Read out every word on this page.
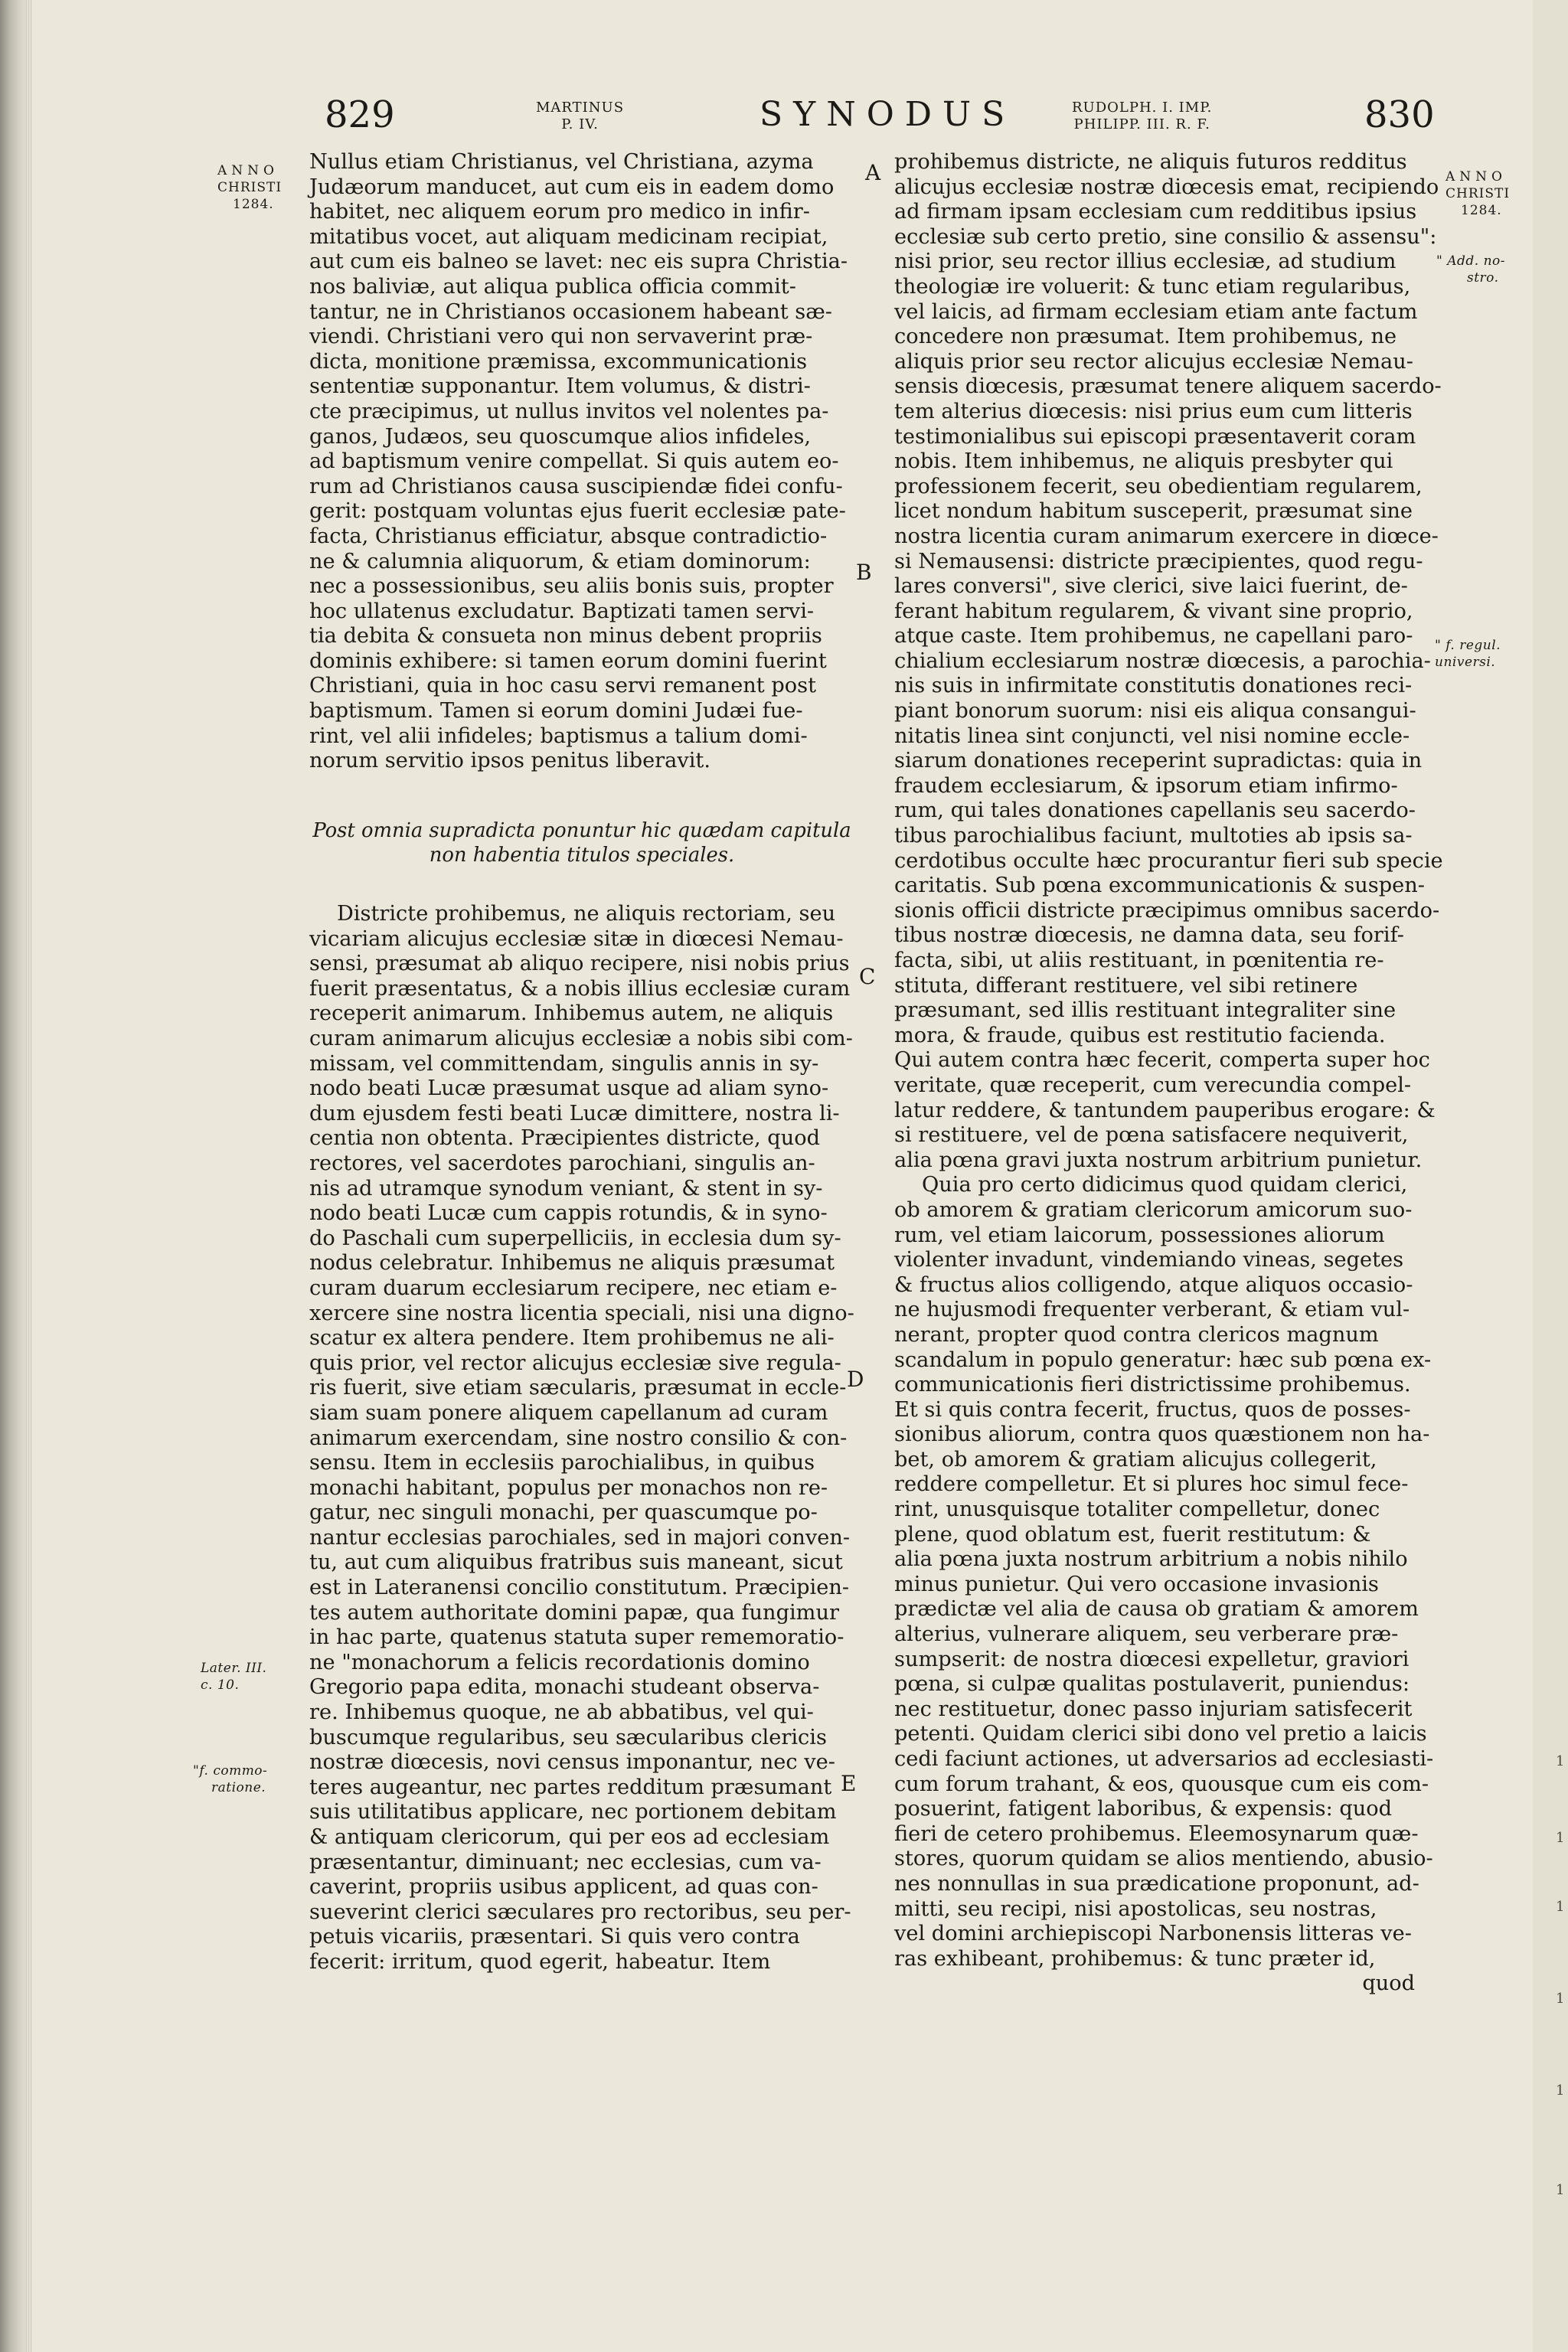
1
1
1
1
1
1
829	MARTINUS
P. IV.	SYNODUS	RUDOLPH. I. IMP.
PHILIPP. III. R. F.	830
ANNO
CHRISTI
1284.
ANNO
CHRISTI
1284.
" Add. no-
stro.
" f. regul.
universi.
Later. III.
c. 10.
"f. commo-
ratione.
A
B
C
D
E
Nullus etiam Christianus, vel Christiana, azyma
Judæorum manducet, aut cum eis in eadem domo
habitet, nec aliquem eorum pro medico in infir-
mitatibus vocet, aut aliquam medicinam recipiat,
aut cum eis balneo se lavet: nec eis supra Christia-
nos baliviæ, aut aliqua publica officia commit-
tantur, ne in Christianos occasionem habeant sæ-
viendi. Christiani vero qui non servaverint præ-
dicta, monitione præmissa, excommunicationis
sententiæ supponantur. Item volumus, & distri-
cte præcipimus, ut nullus invitos vel nolentes pa-
ganos, Judæos, seu quoscumque alios infideles,
ad baptismum venire compellat. Si quis autem eo-
rum ad Christianos causa suscipiendæ fidei confu-
gerit: postquam voluntas ejus fuerit ecclesiæ pate-
facta, Christianus efficiatur, absque contradictio-
ne & calumnia aliquorum, & etiam dominorum:
nec a possessionibus, seu aliis bonis suis, propter
hoc ullatenus excludatur. Baptizati tamen servi-
tia debita & consueta non minus debent propriis
dominis exhibere: si tamen eorum domini fuerint
Christiani, quia in hoc casu servi remanent post
baptismum. Tamen si eorum domini Judæi fue-
rint, vel alii infideles; baptismus a talium domi-
norum servitio ipsos penitus liberavit.
Post omnia supradicta ponuntur hic quædam capitula
non habentia titulos speciales.
Districte prohibemus, ne aliquis rectoriam, seu
vicariam alicujus ecclesiæ sitæ in diœcesi Nemau-
sensi, præsumat ab aliquo recipere, nisi nobis prius
fuerit præsentatus, & a nobis illius ecclesiæ curam
receperit animarum. Inhibemus autem, ne aliquis
curam animarum alicujus ecclesiæ a nobis sibi com-
missam, vel committendam, singulis annis in sy-
nodo beati Lucæ præsumat usque ad aliam syno-
dum ejusdem festi beati Lucæ dimittere, nostra li-
centia non obtenta. Præcipientes districte, quod
rectores, vel sacerdotes parochiani, singulis an-
nis ad utramque synodum veniant, & stent in sy-
nodo beati Lucæ cum cappis rotundis, & in syno-
do Paschali cum superpelliciis, in ecclesia dum sy-
nodus celebratur. Inhibemus ne aliquis præsumat
curam duarum ecclesiarum recipere, nec etiam e-
xercere sine nostra licentia speciali, nisi una digno-
scatur ex altera pendere. Item prohibemus ne ali-
quis prior, vel rector alicujus ecclesiæ sive regula-
ris fuerit, sive etiam sæcularis, præsumat in eccle-
siam suam ponere aliquem capellanum ad curam
animarum exercendam, sine nostro consilio & con-
sensu. Item in ecclesiis parochialibus, in quibus
monachi habitant, populus per monachos non re-
gatur, nec singuli monachi, per quascumque po-
nantur ecclesias parochiales, sed in majori conven-
tu, aut cum aliquibus fratribus suis maneant, sicut
est in Lateranensi concilio constitutum. Præcipien-
tes autem authoritate domini papæ, qua fungimur
in hac parte, quatenus statuta super rememoratio-
ne "monachorum a felicis recordationis domino
Gregorio papa edita, monachi studeant observa-
re. Inhibemus quoque, ne ab abbatibus, vel qui-
buscumque regularibus, seu sæcularibus clericis
nostræ diœcesis, novi census imponantur, nec ve-
teres augeantur, nec partes redditum præsumant
suis utilitatibus applicare, nec portionem debitam
& antiquam clericorum, qui per eos ad ecclesiam
præsentantur, diminuant; nec ecclesias, cum va-
caverint, propriis usibus applicent, ad quas con-
sueverint clerici sæculares pro rectoribus, seu per-
petuis vicariis, præsentari. Si quis vero contra
fecerit: irritum, quod egerit, habeatur. Item
prohibemus districte, ne aliquis futuros redditus
alicujus ecclesiæ nostræ diœcesis emat, recipiendo
ad firmam ipsam ecclesiam cum redditibus ipsius
ecclesiæ sub certo pretio, sine consilio & assensu":
nisi prior, seu rector illius ecclesiæ, ad studium
theologiæ ire voluerit: & tunc etiam regularibus,
vel laicis, ad firmam ecclesiam etiam ante factum
concedere non præsumat. Item prohibemus, ne
aliquis prior seu rector alicujus ecclesiæ Nemau-
sensis diœcesis, præsumat tenere aliquem sacerdo-
tem alterius diœcesis: nisi prius eum cum litteris
testimonialibus sui episcopi præsentaverit coram
nobis. Item inhibemus, ne aliquis presbyter qui
professionem fecerit, seu obedientiam regularem,
licet nondum habitum susceperit, præsumat sine
nostra licentia curam animarum exercere in diœce-
si Nemausensi: districte præcipientes, quod regu-
lares conversi", sive clerici, sive laici fuerint, de-
ferant habitum regularem, & vivant sine proprio,
atque caste. Item prohibemus, ne capellani paro-
chialium ecclesiarum nostræ diœcesis, a parochia-
nis suis in infirmitate constitutis donationes reci-
piant bonorum suorum: nisi eis aliqua consangui-
nitatis linea sint conjuncti, vel nisi nomine eccle-
siarum donationes receperint supradictas: quia in
fraudem ecclesiarum, & ipsorum etiam infirmo-
rum, qui tales donationes capellanis seu sacerdo-
tibus parochialibus faciunt, multoties ab ipsis sa-
cerdotibus occulte hæc procurantur fieri sub specie
caritatis. Sub pœna excommunicationis & suspen-
sionis officii districte præcipimus omnibus sacerdo-
tibus nostræ diœcesis, ne damna data, seu forif-
facta, sibi, ut aliis restituant, in pœnitentia re-
stituta, differant restituere, vel sibi retinere
præsumant, sed illis restituant integraliter sine
mora, & fraude, quibus est restitutio facienda.
Qui autem contra hæc fecerit, comperta super hoc
veritate, quæ receperit, cum verecundia compel-
latur reddere, & tantundem pauperibus erogare: &
si restituere, vel de pœna satisfacere nequiverit,
alia pœna gravi juxta nostrum arbitrium punietur.
Quia pro certo didicimus quod quidam clerici,
ob amorem & gratiam clericorum amicorum suo-
rum, vel etiam laicorum, possessiones aliorum
violenter invadunt, vindemiando vineas, segetes
& fructus alios colligendo, atque aliquos occasio-
ne hujusmodi frequenter verberant, & etiam vul-
nerant, propter quod contra clericos magnum
scandalum in populo generatur: hæc sub pœna ex-
communicationis fieri districtissime prohibemus.
Et si quis contra fecerit, fructus, quos de posses-
sionibus aliorum, contra quos quæstionem non ha-
bet, ob amorem & gratiam alicujus collegerit,
reddere compelletur. Et si plures hoc simul fece-
rint, unusquisque totaliter compelletur, donec
plene, quod oblatum est, fuerit restitutum: &
alia pœna juxta nostrum arbitrium a nobis nihilo
minus punietur. Qui vero occasione invasionis
prædictæ vel alia de causa ob gratiam & amorem
alterius, vulnerare aliquem, seu verberare præ-
sumpserit: de nostra diœcesi expelletur, graviori
pœna, si culpæ qualitas postulaverit, puniendus:
nec restituetur, donec passo injuriam satisfecerit
petenti. Quidam clerici sibi dono vel pretio a laicis
cedi faciunt actiones, ut adversarios ad ecclesiasti-
cum forum trahant, & eos, quousque cum eis com-
posuerint, fatigent laboribus, & expensis: quod
fieri de cetero prohibemus. Eleemosynarum quæ-
stores, quorum quidam se alios mentiendo, abusio-
nes nonnullas in sua prædicatione proponunt, ad-
mitti, seu recipi, nisi apostolicas, seu nostras,
vel domini archiepiscopi Narbonensis litteras ve-
ras exhibeant, prohibemus: & tunc præter id,
quod
